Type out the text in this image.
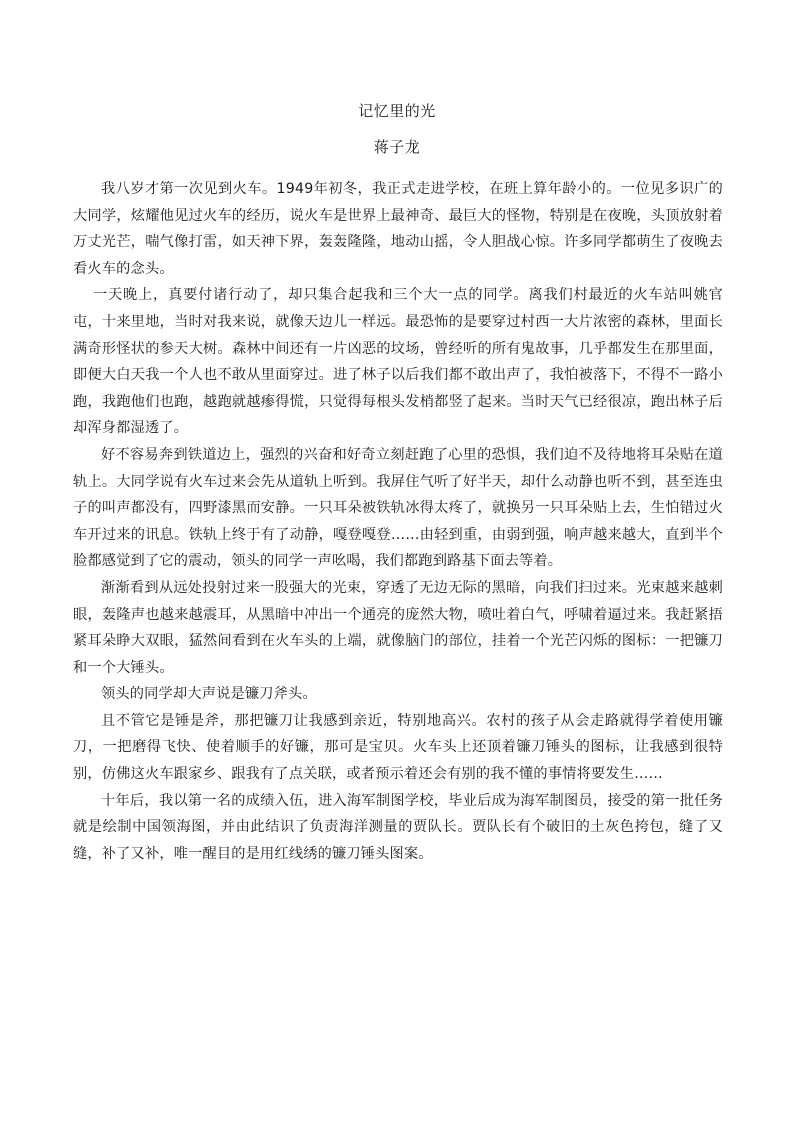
记忆里的光
蒋子龙

我八岁才第一次见到火车。1949年初冬，我正式走进学校，在班上算年龄小的。一位见多识广的大同学，炫耀他见过火车的经历，说火车是世界上最神奇、最巨大的怪物，特别是在夜晚，头顶放射着万丈光芒，喘气像打雷，如天神下界，轰轰隆隆，地动山摇，令人胆战心惊。许多同学都萌生了夜晚去看火车的念头。

一天晚上，真要付诸行动了，却只集合起我和三个大一点的同学。离我们村最近的火车站叫姚官屯，十来里地，当时对我来说，就像天边儿一样远。最恐怖的是要穿过村西一大片浓密的森林，里面长满奇形怪状的参天大树。森林中间还有一片凶恶的坟场，曾经听的所有鬼故事，几乎都发生在那里面，即便大白天我一个人也不敢从里面穿过。进了林子以后我们都不敢出声了，我怕被落下，不得不一路小跑，我跑他们也跑，越跑就越瘆得慌，只觉得每根头发梢都竖了起来。当时天气已经很凉，跑出林子后却浑身都湿透了。

好不容易奔到铁道边上，强烈的兴奋和好奇立刻赶跑了心里的恐惧，我们迫不及待地将耳朵贴在道轨上。大同学说有火车过来会先从道轨上听到。我屏住气听了好半天，却什么动静也听不到，甚至连虫子的叫声都没有，四野漆黑而安静。一只耳朵被铁轨冰得太疼了，就换另一只耳朵贴上去，生怕错过火车开过来的讯息。铁轨上终于有了动静，嘎登嘎登……由轻到重，由弱到强，响声越来越大，直到半个脸都感觉到了它的震动，领头的同学一声吆喝，我们都跑到路基下面去等着。

渐渐看到从远处投射过来一股强大的光束，穿透了无边无际的黑暗，向我们扫过来。光束越来越刺眼，轰隆声也越来越震耳，从黑暗中冲出一个通亮的庞然大物，喷吐着白气，呼啸着逼过来。我赶紧捂紧耳朵睁大双眼，猛然间看到在火车头的上端，就像脑门的部位，挂着一个光芒闪烁的图标：一把镰刀和一个大锤头。

领头的同学却大声说是镰刀斧头。

且不管它是锤是斧，那把镰刀让我感到亲近，特别地高兴。农村的孩子从会走路就得学着使用镰刀，一把磨得飞快、使着顺手的好镰，那可是宝贝。火车头上还顶着镰刀锤头的图标，让我感到很特别，仿佛这火车跟家乡、跟我有了点关联，或者预示着还会有别的我不懂的事情将要发生……

十年后，我以第一名的成绩入伍，进入海军制图学校，毕业后成为海军制图员，接受的第一批任务就是绘制中国领海图，并由此结识了负责海洋测量的贾队长。贾队长有个破旧的土灰色挎包，缝了又缝，补了又补，唯一醒目的是用红线绣的镰刀锤头图案。
